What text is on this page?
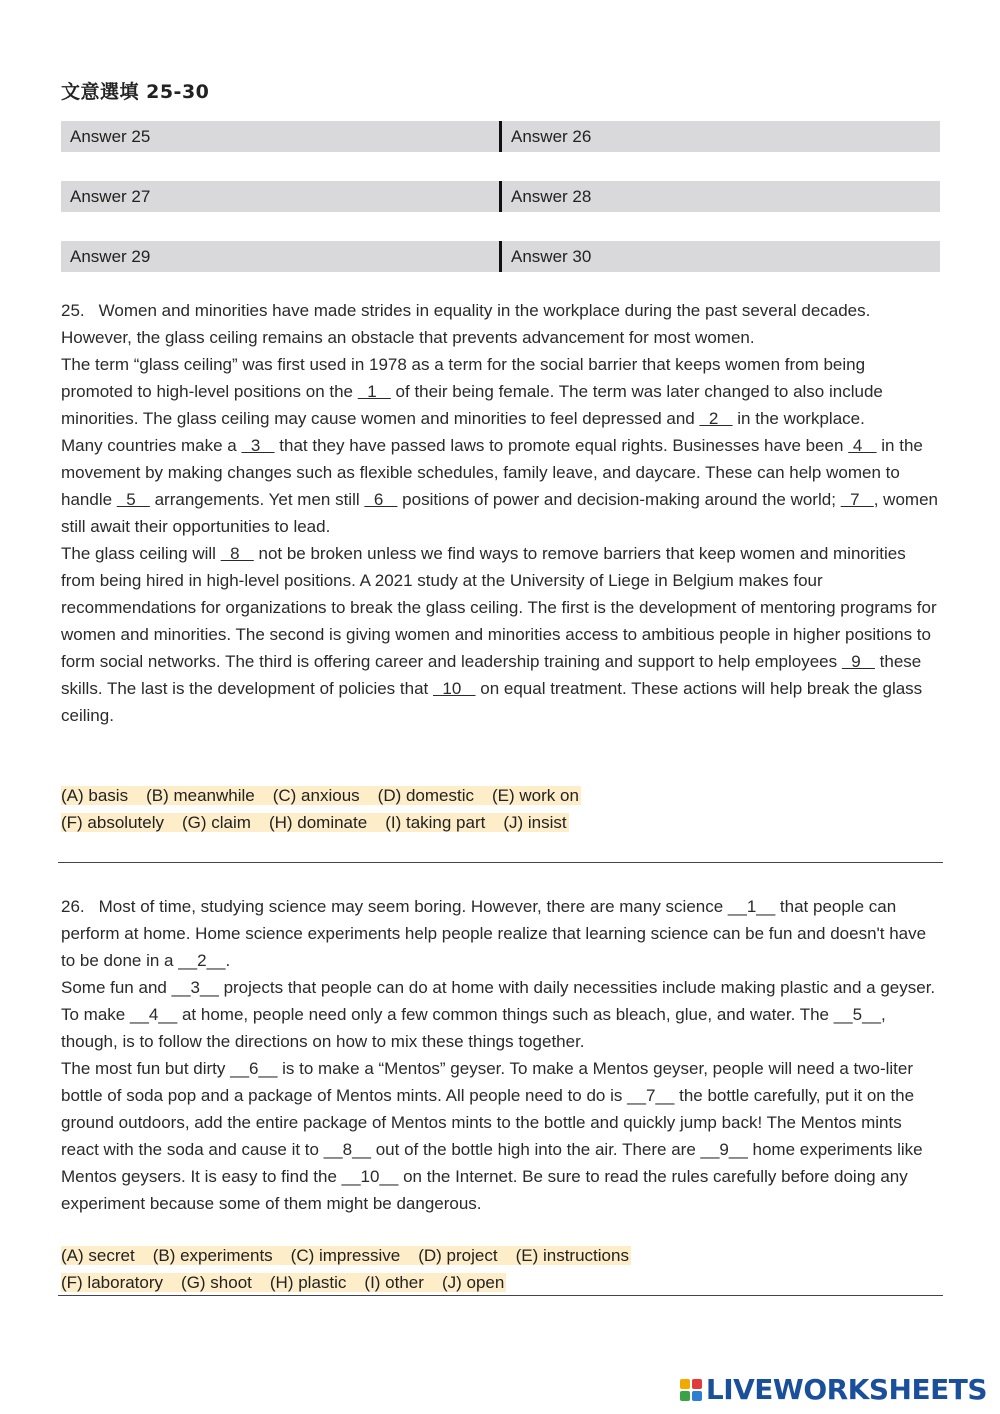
文意選填 25-30
Answer 25	Answer 26
Answer 27	Answer 28
Answer 29	Answer 30

25. Women and minorities have made strides in equality in the workplace during the past several decades. However, the glass ceiling remains an obstacle that prevents advancement for most women.

The term “glass ceiling” was first used in 1978 as a term for the social barrier that keeps women from being promoted to high-level positions on the   1    of their being female. The term was later changed to also include minorities. The glass ceiling may cause women and minorities to feel depressed and   2    in the workplace.

Many countries make a   3    that they have passed laws to promote equal rights. Businesses have been  4    in the movement by making changes such as flexible schedules, family leave, and daycare. These can help women to handle   5    arrangements. Yet men still   6    positions of power and decision-making around the world;   7   , women still await their opportunities to lead.

The glass ceiling will   8    not be broken unless we find ways to remove barriers that keep women and minorities from being hired in high-level positions. A 2021 study at the University of Liege in Belgium makes four recommendations for organizations to break the glass ceiling. The first is the development of mentoring programs for women and minorities. The second is giving women and minorities access to ambitious people in higher positions to form social networks. The third is offering career and leadership training and support to help employees   9    these skills. The last is the development of policies that   10    on equal treatment. These actions will help break the glass ceiling.

(A) basis (B) meanwhile (C) anxious (D) domestic (E) work on
(F) absolutely (G) claim (H) dominate (I) taking part (J) insist

26. Most of time, studying science may seem boring. However, there are many science __1__ that people can perform at home. Home science experiments help people realize that learning science can be fun and doesn't have to be done in a __2__.

Some fun and __3__ projects that people can do at home with daily necessities include making plastic and a geyser. To make __4__ at home, people need only a few common things such as bleach, glue, and water. The __5__, though, is to follow the directions on how to mix these things together.

The most fun but dirty __6__ is to make a “Mentos” geyser. To make a Mentos geyser, people will need a two-liter bottle of soda pop and a package of Mentos mints. All people need to do is __7__ the bottle carefully, put it on the ground outdoors, add the entire package of Mentos mints to the bottle and quickly jump back! The Mentos mints react with the soda and cause it to __8__ out of the bottle high into the air. There are __9__ home experiments like Mentos geysers. It is easy to find the __10__ on the Internet. Be sure to read the rules carefully before doing any experiment because some of them might be dangerous.

(A) secret (B) experiments (C) impressive (D) project (E) instructions
(F) laboratory (G) shoot (H) plastic (I) other (J) open
LIVEWORKSHEETS
